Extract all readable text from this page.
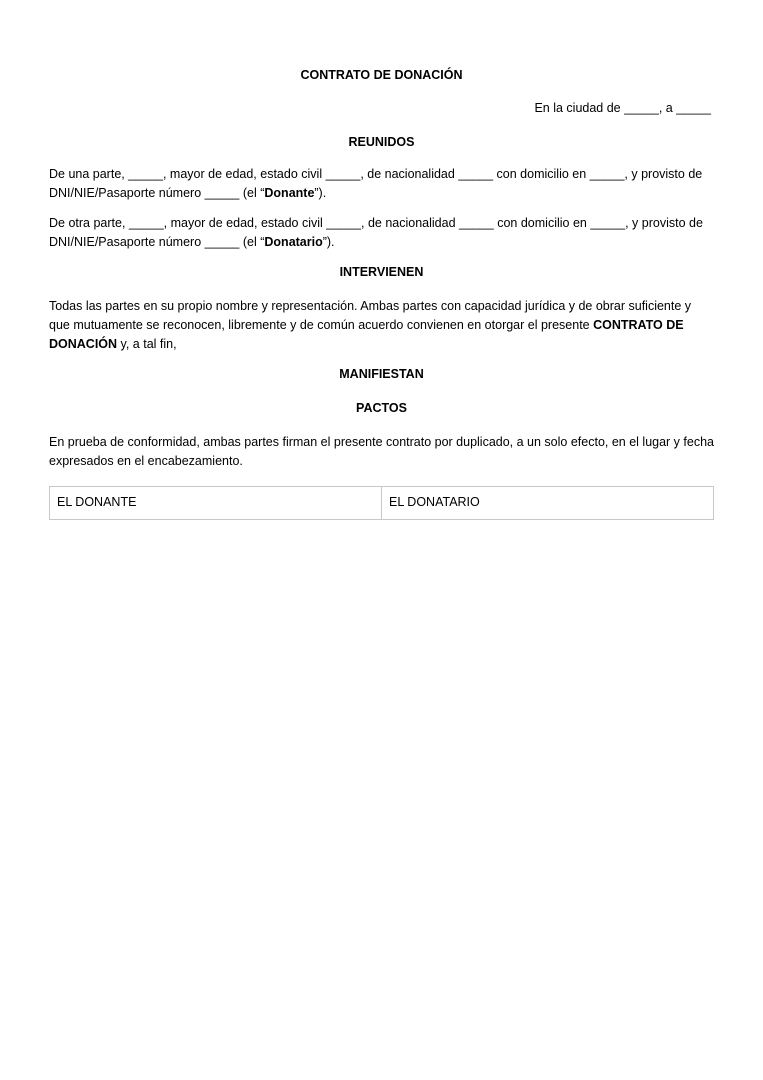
CONTRATO DE DONACIÓN

En la ciudad de _____, a _____

REUNIDOS

De una parte, _____, mayor de edad, estado civil _____, de nacionalidad _____ con domicilio en _____, y provisto de DNI/NIE/Pasaporte número _____ (el “Donante”).

De otra parte, _____, mayor de edad, estado civil _____, de nacionalidad _____ con domicilio en _____, y provisto de DNI/NIE/Pasaporte número _____ (el “Donatario”).

INTERVIENEN

Todas las partes en su propio nombre y representación. Ambas partes con capacidad jurídica y de obrar suficiente y que mutuamente se reconocen, libremente y de común acuerdo convienen en otorgar el presente CONTRATO DE DONACIÓN y, a tal fin,

MANIFIESTAN

PACTOS

En prueba de conformidad, ambas partes firman el presente contrato por duplicado, a un solo efecto, en el lugar y fecha expresados en el encabezamiento.

EL DONANTE	EL DONATARIO
